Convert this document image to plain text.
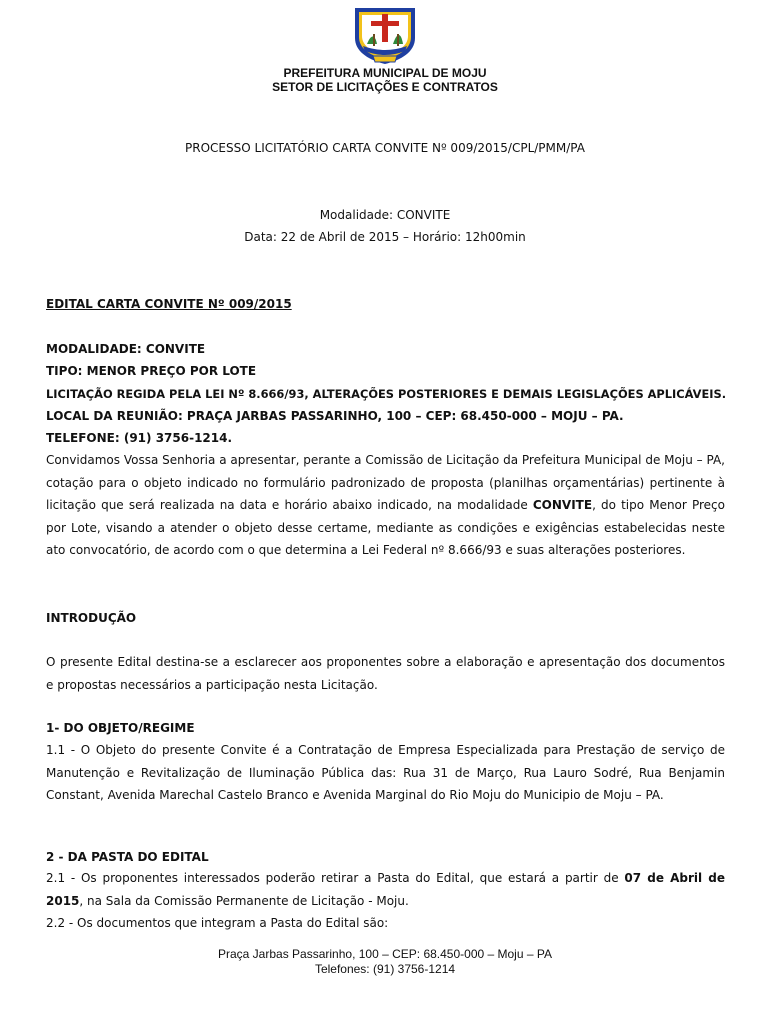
PREFEITURA MUNICIPAL DE MOJU
SETOR DE LICITAÇÕES E CONTRATOS
PROCESSO LICITATÓRIO CARTA CONVITE Nº 009/2015/CPL/PMM/PA
Modalidade: CONVITE
Data: 22 de Abril de 2015 – Horário: 12h00min
EDITAL CARTA CONVITE Nº 009/2015
MODALIDADE: CONVITE
TIPO: MENOR PREÇO POR LOTE
LICITAÇÃO REGIDA PELA LEI Nº 8.666/93, ALTERAÇÕES POSTERIORES E DEMAIS LEGISLAÇÕES APLICÁVEIS.
LOCAL DA REUNIÃO: PRAÇA JARBAS PASSARINHO, 100 – CEP: 68.450-000 – MOJU – PA.
TELEFONE: (91) 3756-1214.

Convidamos Vossa Senhoria a apresentar, perante a Comissão de Licitação da Prefeitura Municipal de Moju – PA, cotação para o objeto indicado no formulário padronizado de proposta (planilhas orçamentárias) pertinente à licitação que será realizada na data e horário abaixo indicado, na modalidade CONVITE, do tipo Menor Preço por Lote, visando a atender o objeto desse certame, mediante as condições e exigências estabelecidas neste ato convocatório, de acordo com o que determina a Lei Federal nº 8.666/93 e suas alterações posteriores.

INTRODUÇÃO

O presente Edital destina-se a esclarecer aos proponentes sobre a elaboração e apresentação dos documentos e propostas necessários a participação nesta Licitação.

1- DO OBJETO/REGIME

1.1 - O Objeto do presente Convite é a Contratação de Empresa Especializada para Prestação de serviço de Manutenção e Revitalização de Iluminação Pública das: Rua 31 de Março, Rua Lauro Sodré, Rua Benjamin Constant, Avenida Marechal Castelo Branco e Avenida Marginal do Rio Moju do Municipio de Moju – PA.

2 - DA PASTA DO EDITAL

2.1 - Os proponentes interessados poderão retirar a Pasta do Edital, que estará a partir de 07 de Abril de 2015, na Sala da Comissão Permanente de Licitação - Moju.

2.2 - Os documentos que integram a Pasta do Edital são:

Praça Jarbas Passarinho, 100 – CEP: 68.450-000 – Moju – PA
Telefones: (91) 3756-1214
